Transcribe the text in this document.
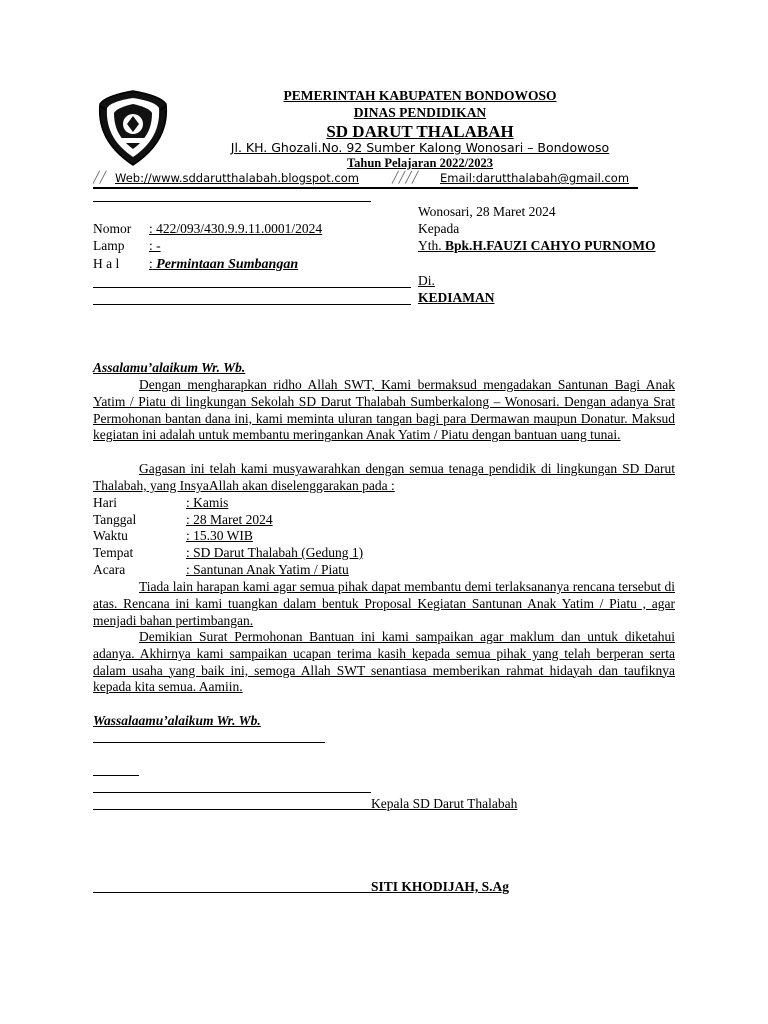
PEMERINTAH KABUPATEN BONDOWOSO
DINAS PENDIDIKAN
SD DARUT THALABAH
Jl. KH. Ghozali.No. 92 Sumber Kalong Wonosari – Bondowoso
Tahun Pelajaran 2022/2023
╱╱ Web://www.sddarutthalabah.blogspot.com	╱╱╱╱ Email:darutthalabah@gmail.com
Wonosari, 28 Maret 2024
Nomor : 422/093/430.9.9.11.0001/2024	Kepada
Lamp : -	Yth. Bpk.H.FAUZI CAHYO PURNOMO
H a l : Permintaan Sumbangan
Di.
KEDIAMAN
Assalamu’alaikum Wr. Wb.
Dengan mengharapkan ridho Allah SWT, Kami bermaksud mengadakan Santunan Bagi Anak Yatim / Piatu di lingkungan Sekolah SD Darut Thalabah Sumberkalong – Wonosari. Dengan adanya Srat Permohonan bantan dana ini, kami meminta uluran tangan bagi para Dermawan maupun Donatur. Maksud kegiatan ini adalah untuk membantu meringankan Anak Yatim / Piatu dengan bantuan uang tunai.
Gagasan ini telah kami musyawarahkan dengan semua tenaga pendidik di lingkungan SD Darut Thalabah, yang InsyaAllah akan diselenggarakan pada :
Hari	: Kamis
Tanggal	: 28 Maret 2024
Waktu	: 15.30 WIB
Tempat	: SD Darut Thalabah (Gedung 1)
Acara	: Santunan Anak Yatim / Piatu
Tiada lain harapan kami agar semua pihak dapat membantu demi terlaksananya rencana tersebut di atas. Rencana ini kami tuangkan dalam bentuk Proposal Kegiatan Santunan Anak Yatim / Piatu , agar menjadi bahan pertimbangan.
Demikian Surat Permohonan Bantuan ini kami sampaikan agar maklum dan untuk diketahui adanya. Akhirnya kami sampaikan ucapan terima kasih kepada semua pihak yang telah berperan serta dalam usaha yang baik ini, semoga Allah SWT senantiasa memberikan rahmat hidayah dan taufiknya kepada kita semua. Aamiin.
Wassalaamu’alaikum Wr. Wb.
Kepala SD Darut Thalabah
SITI KHODIJAH, S.Ag
